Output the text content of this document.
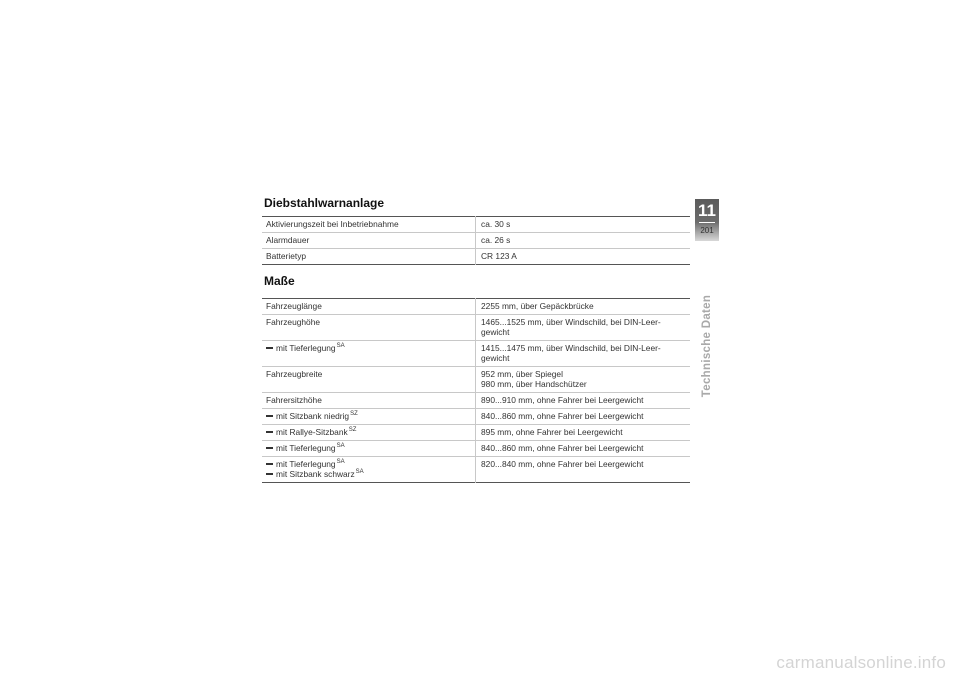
Diebstahlwarnanlage
Aktivierungszeit bei Inbetriebnahme	ca. 30 s
Alarmdauer	ca. 26 s
Batterietyp	CR 123 A
Maße
Fahrzeuglänge	2255 mm, über Gepäckbrücke
Fahrzeughöhe	1465...1525 mm, über Windschild, bei DIN-Leer-
gewicht

mit Tieferlegung$^{SA}$	1415...1475 mm, über Windschild, bei DIN-Leer-
gewicht

Fahrzeugbreite	952 mm, über Spiegel
980 mm, über Handschützer

Fahrersitzhöhe	890...910 mm, ohne Fahrer bei Leergewicht

mit Sitzbank niedrig$^{SZ}$	840...860 mm, ohne Fahrer bei Leergewicht

mit Rallye-Sitzbank$^{SZ}$	895 mm, ohne Fahrer bei Leergewicht

mit Tieferlegung$^{SA}$	840...860 mm, ohne Fahrer bei Leergewicht

mit Tieferlegung$^{SA}$
mit Sitzbank schwarz$^{SA}$	820...840 mm, ohne Fahrer bei Leergewicht
11
201
Technische Daten
carmanualsonline.info
